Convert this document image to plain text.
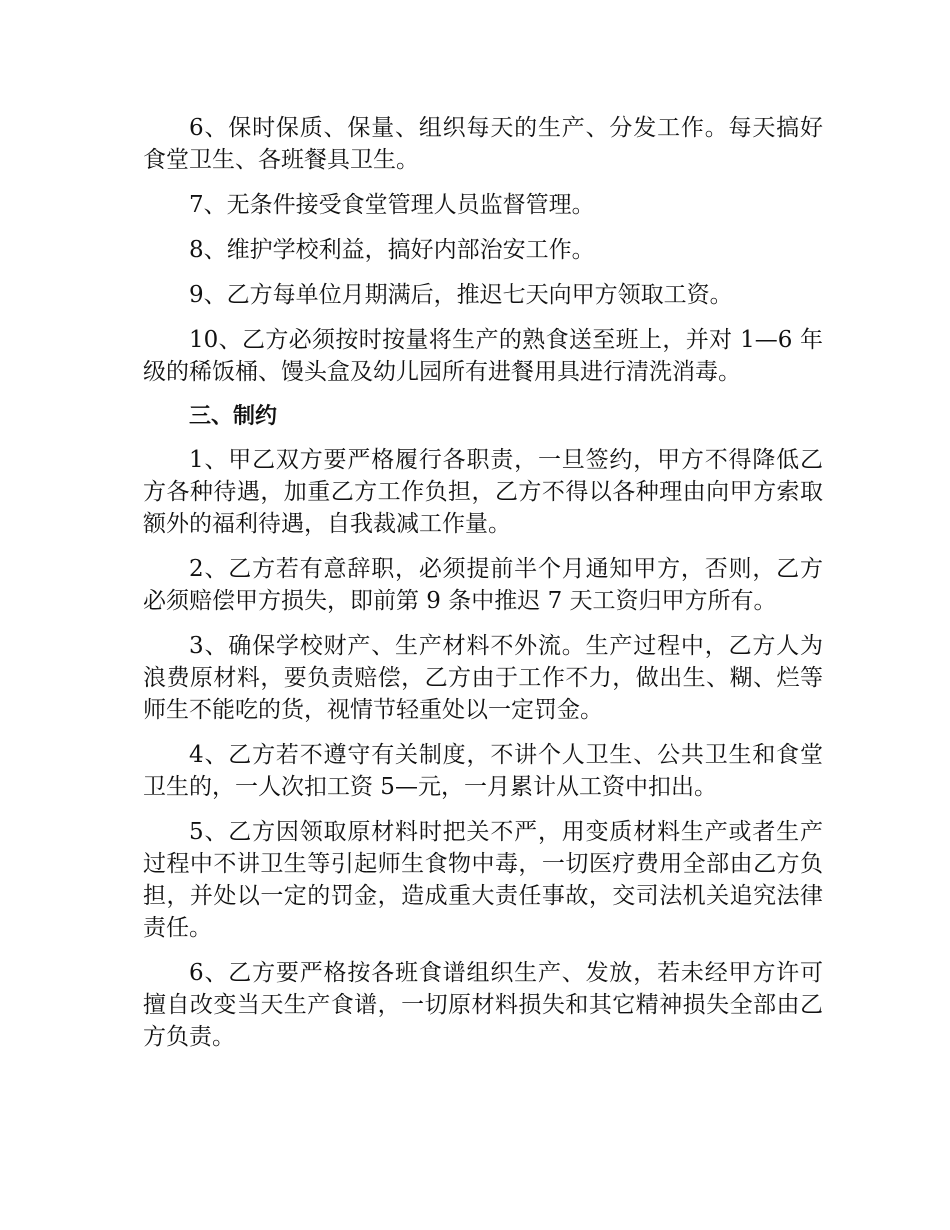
6、保时保质、保量、组织每天的生产、分发工作。每天搞好食堂卫生、各班餐具卫生。

7、无条件接受食堂管理人员监督管理。

8、维护学校利益，搞好内部治安工作。

9、乙方每单位月期满后，推迟七天向甲方领取工资。

10、乙方必须按时按量将生产的熟食送至班上，并对 1—6 年级的稀饭桶、馒头盒及幼儿园所有进餐用具进行清洗消毒。

三、制约

1、甲乙双方要严格履行各职责，一旦签约，甲方不得降低乙方各种待遇，加重乙方工作负担，乙方不得以各种理由向甲方索取额外的福利待遇，自我裁减工作量。

2、乙方若有意辞职，必须提前半个月通知甲方，否则，乙方必须赔偿甲方损失，即前第 9 条中推迟 7 天工资归甲方所有。

3、确保学校财产、生产材料不外流。生产过程中，乙方人为浪费原材料，要负责赔偿，乙方由于工作不力，做出生、糊、烂等师生不能吃的货，视情节轻重处以一定罚金。

4、乙方若不遵守有关制度，不讲个人卫生、公共卫生和食堂卫生的，一人次扣工资 5—元，一月累计从工资中扣出。

5、乙方因领取原材料时把关不严，用变质材料生产或者生产过程中不讲卫生等引起师生食物中毒，一切医疗费用全部由乙方负担，并处以一定的罚金，造成重大责任事故，交司法机关追究法律责任。

6、乙方要严格按各班食谱组织生产、发放，若未经甲方许可擅自改变当天生产食谱，一切原材料损失和其它精神损失全部由乙方负责。
